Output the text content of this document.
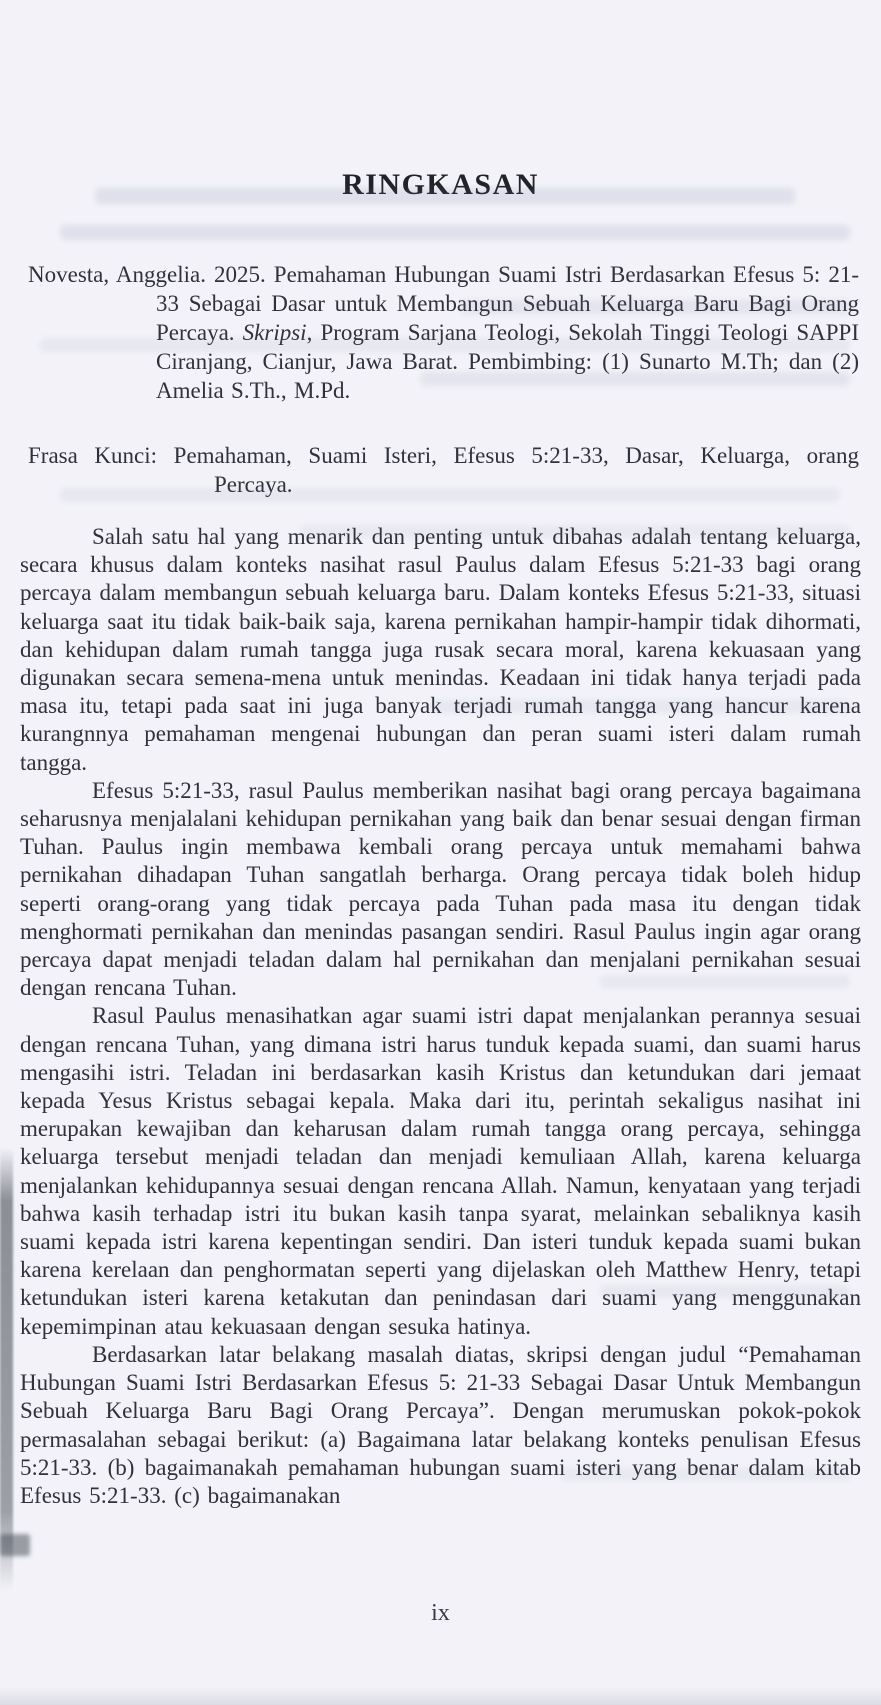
RINGKASAN

Novesta, Anggelia. 2025. Pemahaman Hubungan Suami Istri Berdasarkan Efesus 5: 21-33 Sebagai Dasar untuk Membangun Sebuah Keluarga Baru Bagi Orang Percaya. Skripsi, Program Sarjana Teologi, Sekolah Tinggi Teologi SAPPI Ciranjang, Cianjur, Jawa Barat. Pembimbing: (1) Sunarto M.Th; dan (2) Amelia S.Th., M.Pd.

Frasa Kunci: Pemahaman, Suami Isteri, Efesus 5:21-33, Dasar, Keluarga, orang Percaya.

Salah satu hal yang menarik dan penting untuk dibahas adalah tentang keluarga, secara khusus dalam konteks nasihat rasul Paulus dalam Efesus 5:21-33 bagi orang percaya dalam membangun sebuah keluarga baru. Dalam konteks Efesus 5:21-33, situasi keluarga saat itu tidak baik-baik saja, karena pernikahan hampir-hampir tidak dihormati, dan kehidupan dalam rumah tangga juga rusak secara moral, karena kekuasaan yang digunakan secara semena-mena untuk menindas. Keadaan ini tidak hanya terjadi pada masa itu, tetapi pada saat ini juga banyak terjadi rumah tangga yang hancur karena kurangnnya pemahaman mengenai hubungan dan peran suami isteri dalam rumah tangga.

Efesus 5:21-33, rasul Paulus memberikan nasihat bagi orang percaya bagaimana seharusnya menjalalani kehidupan pernikahan yang baik dan benar sesuai dengan firman Tuhan. Paulus ingin membawa kembali orang percaya untuk memahami bahwa pernikahan dihadapan Tuhan sangatlah berharga. Orang percaya tidak boleh hidup seperti orang-orang yang tidak percaya pada Tuhan pada masa itu dengan tidak menghormati pernikahan dan menindas pasangan sendiri. Rasul Paulus ingin agar orang percaya dapat menjadi teladan dalam hal pernikahan dan menjalani pernikahan sesuai dengan rencana Tuhan.

Rasul Paulus menasihatkan agar suami istri dapat menjalankan perannya sesuai dengan rencana Tuhan, yang dimana istri harus tunduk kepada suami, dan suami harus mengasihi istri. Teladan ini berdasarkan kasih Kristus dan ketundukan dari jemaat kepada Yesus Kristus sebagai kepala. Maka dari itu, perintah sekaligus nasihat ini merupakan kewajiban dan keharusan dalam rumah tangga orang percaya, sehingga keluarga tersebut menjadi teladan dan menjadi kemuliaan Allah, karena keluarga menjalankan kehidupannya sesuai dengan rencana Allah. Namun, kenyataan yang terjadi bahwa kasih terhadap istri itu bukan kasih tanpa syarat, melainkan sebaliknya kasih suami kepada istri karena kepentingan sendiri. Dan isteri tunduk kepada suami bukan karena kerelaan dan penghormatan seperti yang dijelaskan oleh Matthew Henry, tetapi ketundukan isteri karena ketakutan dan penindasan dari suami yang menggunakan kepemimpinan atau kekuasaan dengan sesuka hatinya.

Berdasarkan latar belakang masalah diatas, skripsi dengan judul “Pemahaman Hubungan Suami Istri Berdasarkan Efesus 5: 21-33 Sebagai Dasar Untuk Membangun Sebuah Keluarga Baru Bagi Orang Percaya”. Dengan merumuskan pokok-pokok permasalahan sebagai berikut: (a) Bagaimana latar belakang konteks penulisan Efesus 5:21-33. (b) bagaimanakah pemahaman hubungan suami isteri yang benar dalam kitab Efesus 5:21-33. (c) bagaimanakan

ix
